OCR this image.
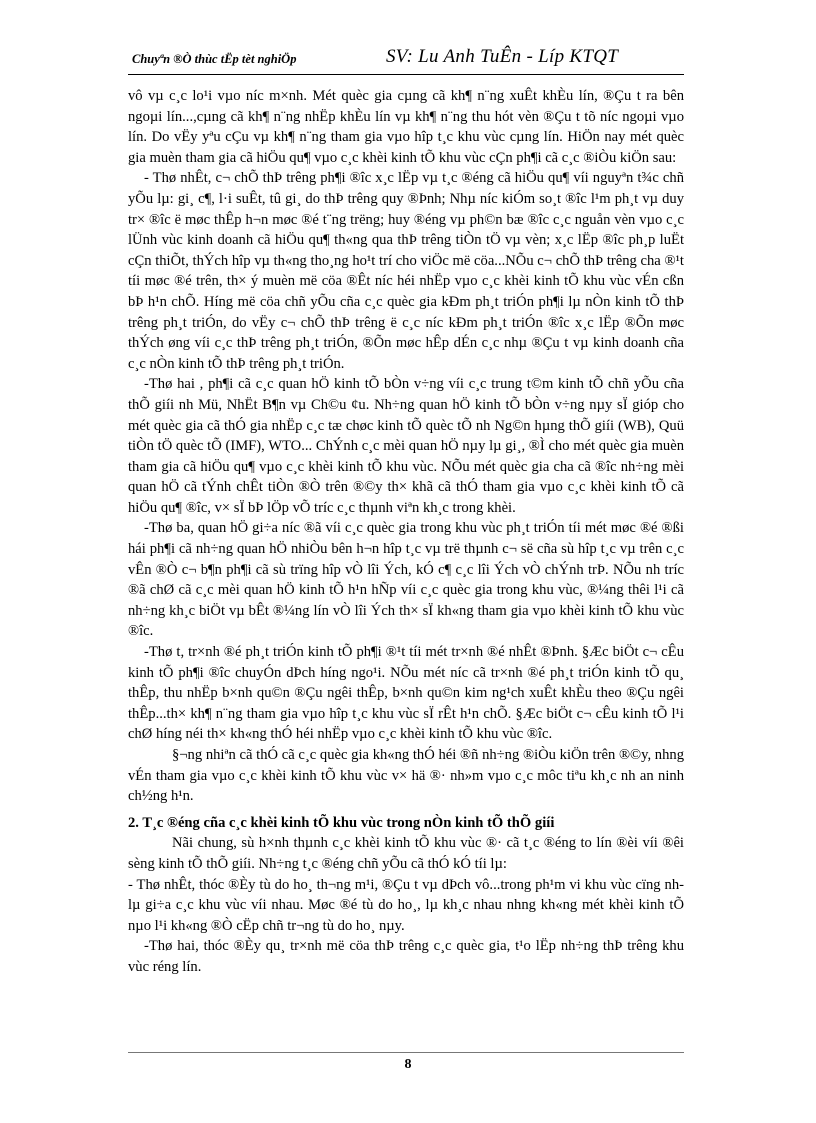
Chuyªn ®Ò thùc tËp tèt nghiÖp	SV: Lu Anh TuÊn - Líp KTQT

vô vµ c¸c lo¹i vµo níc m×nh. Mét quèc gia cµng cã kh¶ n¨ng xuÊt khÈu lín, ®Çu t ra bên ngoµi lín...,cµng cã kh¶ n¨ng nhËp khÈu lín vµ kh¶ n¨ng thu hót vèn ®Çu t tõ níc ngoµi vµo lín. Do vËy yªu cÇu vµ kh¶ n¨ng tham gia vµo hîp t¸c khu vùc cµng lín. HiÖn nay mét quèc gia muèn tham gia cã hiÖu qu¶ vµo c¸c khèi kinh tÕ khu vùc cÇn ph¶i cã c¸c ®iÒu kiÖn sau:

- Thø nhÊt, c¬ chÕ thÞ trêng ph¶i ®îc x¸c lËp vµ t¸c ®éng cã hiÖu qu¶ víi nguyªn t¾c chñ yÕu lµ: gi¸ c¶, l·i suÊt, tû gi¸ do thÞ trêng quy ®Þnh; Nhµ níc kiÓm so¸t ®îc l¹m ph¸t vµ duy tr× ®îc ë møc thÊp h¬n møc ®é t¨ng trëng; huy ®éng vµ ph©n bæ ®îc c¸c nguån vèn vµo c¸c lÜnh vùc kinh doanh cã hiÖu qu¶ th«ng qua thÞ trêng tiÒn tÖ vµ vèn; x¸c lËp ®îc ph¸p luËt cÇn thiÕt, thÝch hîp vµ th«ng tho¸ng ho¹t trí cho viÖc më cöa...NÕu c¬ chÕ thÞ trêng cha ®¹t tíi møc ®é trên, th× ý muèn më cöa ®Êt níc héi nhËp vµo c¸c khèi kinh tÕ khu vùc vÉn cßn bÞ h¹n chÕ. Híng më cöa chñ yÕu cña c¸c quèc gia kÐm ph¸t triÓn ph¶i lµ nÒn kinh tÕ thÞ trêng ph¸t triÓn, do vËy c¬ chÕ thÞ trêng ë c¸c níc kÐm ph¸t triÓn ®îc x¸c lËp ®Õn møc thÝch øng víi c¸c thÞ trêng ph¸t triÓn, ®Õn møc hÊp dÉn c¸c nhµ ®Çu t vµ kinh doanh cña c¸c nÒn kinh tÕ thÞ trêng ph¸t triÓn.

-Thø hai , ph¶i cã c¸c quan hÖ kinh tÕ bÒn v÷ng víi c¸c trung t©m kinh tÕ chñ yÕu cña thÕ giíi nh Mü, NhËt B¶n vµ Ch©u ¢u. Nh÷ng quan hÖ kinh tÕ bÒn v÷ng nµy sÏ gióp cho mét quèc gia cã thÓ gia nhËp c¸c tæ chøc kinh tÕ quèc tÕ nh Ng©n hµng thÕ giíi (WB), Quü tiÒn tÖ quèc tÕ (IMF), WTO... ChÝnh c¸c mèi quan hÖ nµy lµ gi¸, ®Ì cho mét quèc gia muèn tham gia cã hiÖu qu¶ vµo c¸c khèi kinh tÕ khu vùc. NÕu mét quèc gia cha cã ®îc nh÷ng mèi quan hÖ cã tÝnh chÊt tiÒn ®Ò trên ®©y th× khã cã thÓ tham gia vµo c¸c khèi kinh tÕ cã hiÖu qu¶ ®îc, v× sÏ bÞ lÖp vÕ tríc c¸c thµnh viªn kh¸c trong khèi.

-Thø ba, quan hÖ gi÷a níc ®ã víi c¸c quèc gia trong khu vùc ph¸t triÓn tíi mét møc ®é ®ßi hái ph¶i cã nh÷ng quan hÖ nhiÒu bên h¬n hîp t¸c vµ trë thµnh c¬ së cña sù hîp t¸c vµ trên c¸c vÊn ®Ò c¬ b¶n ph¶i cã sù trïng hîp vÒ lîi Ých, kÓ c¶ c¸c lîi Ých vÒ chÝnh trÞ. NÕu nh tríc ®ã chØ cã c¸c mèi quan hÖ kinh tÕ h¹n hÑp víi c¸c quèc gia trong khu vùc, ®¼ng thêi l¹i cã nh÷ng kh¸c biÖt vµ bÊt ®¼ng lín vÒ lîi Ých th× sÏ kh«ng tham gia vµo khèi kinh tÕ khu vùc ®îc.

-Thø t, tr×nh ®é ph¸t triÓn kinh tÕ ph¶i ®¹t tíi mét tr×nh ®é nhÊt ®Þnh. §Æc biÖt c¬ cÊu kinh tÕ ph¶i ®îc chuyÓn dÞch híng ngo¹i. NÕu mét níc cã tr×nh ®é ph¸t triÓn kinh tÕ qu¸ thÊp, thu nhËp b×nh qu©n ®Çu ngêi thÊp, b×nh qu©n kim ng¹ch xuÊt khÈu theo ®Çu ngêi thÊp...th× kh¶ n¨ng tham gia vµo hîp t¸c khu vùc sÏ rÊt h¹n chÕ. §Æc biÖt c¬ cÊu kinh tÕ l¹i chØ híng néi th× kh«ng thÓ héi nhËp vµo c¸c khèi kinh tÕ khu vùc ®îc.

§¬ng nhiªn cã thÓ cã c¸c quèc gia kh«ng thÓ héi ®ñ nh÷ng ®iÒu kiÖn trên ®©y, nhng vÉn tham gia vµo c¸c khèi kinh tÕ khu vùc v× hä ®· nh»m vµo c¸c môc tiªu kh¸c nh an ninh ch½ng h¹n.

2. T¸c ®éng cña c¸c khèi kinh tÕ khu vùc trong nÒn kinh tÕ thÕ giíi

Nãi chung, sù h×nh thµnh c¸c khèi kinh tÕ khu vùc ®· cã t¸c ®éng to lín ®èi víi ®êi sèng kinh tÕ thÕ giíi. Nh÷ng t¸c ®éng chñ yÕu cã thÓ kÓ tíi lµ:

- Thø nhÊt, thóc ®Èy tù do ho¸ th¬ng m¹i, ®Çu t vµ dÞch vô...trong ph¹m vi khu vùc cïng nh lµ gi÷a c¸c khu vùc víi nhau. Møc ®é tù do ho¸, lµ kh¸c nhau nhng kh«ng mét khèi kinh tÕ nµo l¹i kh«ng ®Ò cËp chñ tr¬ng tù do ho¸ nµy.

-Thø hai, thóc ®Èy qu¸ tr×nh më cöa thÞ trêng c¸c quèc gia, t¹o lËp nh÷ng thÞ trêng khu vùc réng lín.

8
